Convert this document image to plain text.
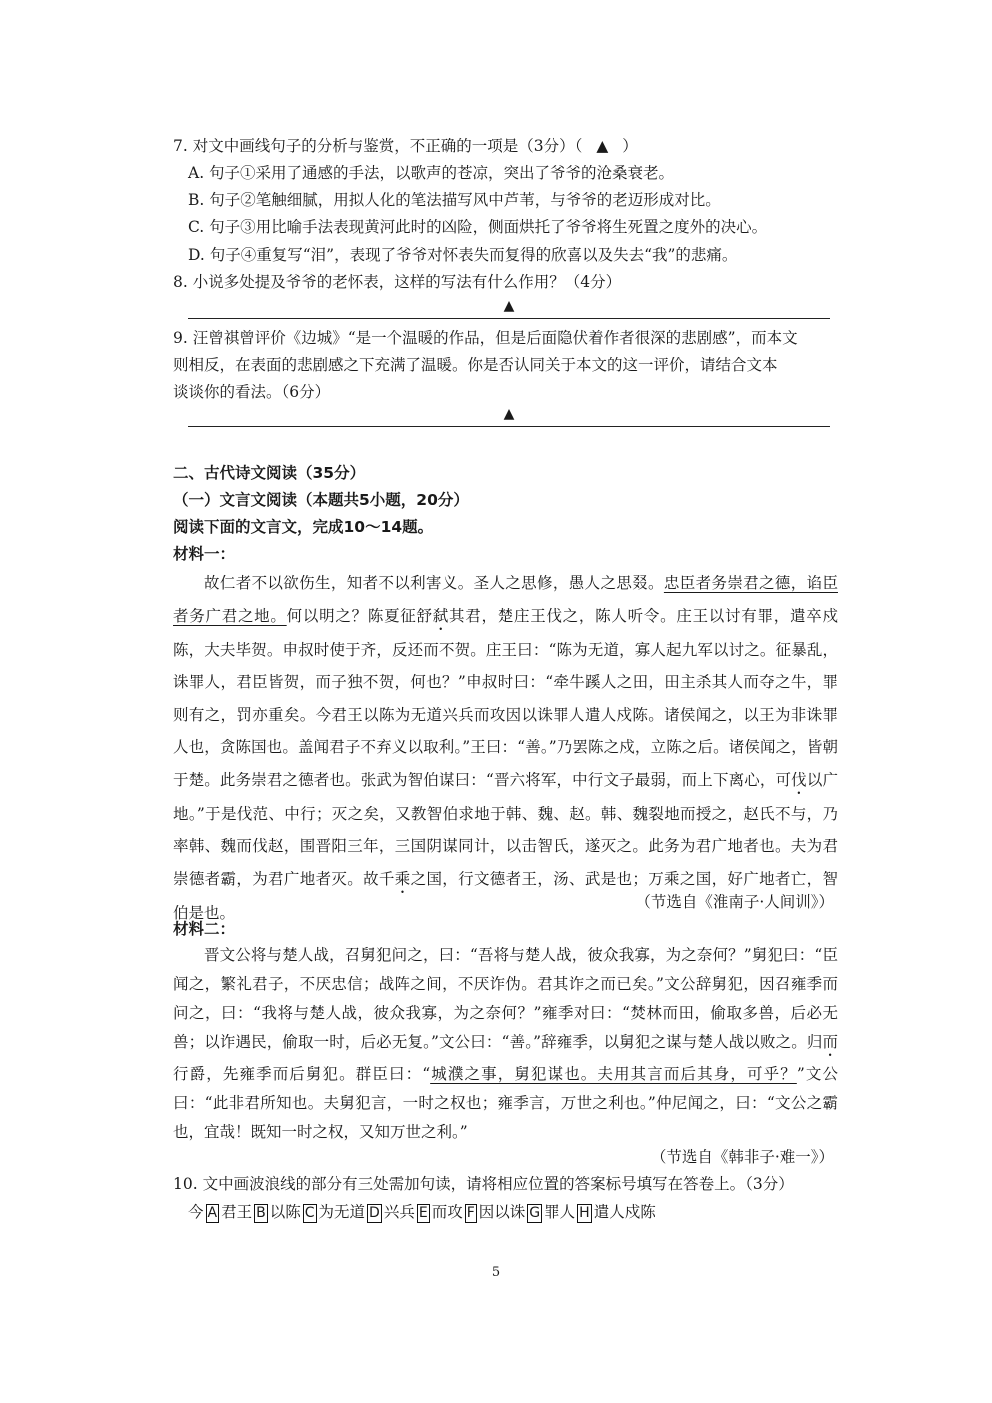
7. 对文中画线句子的分析与鉴赏，不正确的一项是（3分）（ ▲ ）
A. 句子①采用了通感的手法，以歌声的苍凉，突出了爷爷的沧桑衰老。
B. 句子②笔触细腻，用拟人化的笔法描写风中芦苇，与爷爷的老迈形成对比。
C. 句子③用比喻手法表现黄河此时的凶险，侧面烘托了爷爷将生死置之度外的决心。
D. 句子④重复写“泪”，表现了爷爷对怀表失而复得的欣喜以及失去“我”的悲痛。
8. 小说多处提及爷爷的老怀表，这样的写法有什么作用？（4分）
▲
9. 汪曾祺曾评价《边城》“是一个温暖的作品，但是后面隐伏着作者很深的悲剧感”，而本文
则相反，在表面的悲剧感之下充满了温暖。你是否认同关于本文的这一评价，请结合文本
谈谈你的看法。（6分）
▲
二、古代诗文阅读（35分）
（一）文言文阅读（本题共5小题，20分）
阅读下面的文言文，完成10～14题。
材料一：
故仁者不以欲伤生，知者不以利害义。圣人之思修，愚人之思叕。忠臣者务崇君之德，谄臣者务广君之地。何以明之？陈夏征舒弑其君，楚庄王伐之，陈人听令。庄王以讨有罪，遣卒戍陈，大夫毕贺。申叔时使于齐，反还而不贺。庄王曰：“陈为无道，寡人起九军以讨之。征暴乱，诛罪人，君臣皆贺，而子独不贺，何也？”申叔时曰：“牵牛蹊人之田，田主杀其人而夺之牛，罪则有之，罚亦重矣。今君王以陈为无道兴兵而攻因以诛罪人遣人戍陈。诸侯闻之，以王为非诛罪人也，贪陈国也。盖闻君子不弃义以取利。”王曰：“善。”乃罢陈之戍，立陈之后。诸侯闻之，皆朝于楚。此务崇君之德者也。张武为智伯谋曰：“晋六将军，中行文子最弱，而上下离心，可伐以广地。”于是伐范、中行；灭之矣，又教智伯求地于韩、魏、赵。韩、魏裂地而授之，赵氏不与，乃率韩、魏而伐赵，围晋阳三年，三国阴谋同计，以击智氏，遂灭之。此务为君广地者也。夫为君崇德者霸，为君广地者灭。故千乘之国，行文德者王，汤、武是也；万乘之国，好广地者亡，智伯是也。
（节选自《淮南子·人间训》）
材料二：
晋文公将与楚人战，召舅犯问之，曰：“吾将与楚人战，彼众我寡，为之奈何？”舅犯曰：“臣闻之，繁礼君子，不厌忠信；战阵之间，不厌诈伪。君其诈之而已矣。”文公辞舅犯，因召雍季而问之，曰：“我将与楚人战，彼众我寡，为之奈何？”雍季对曰：“焚林而田，偷取多兽，后必无兽；以诈遇民，偷取一时，后必无复。”文公曰：“善。”辞雍季，以舅犯之谋与楚人战以败之。归而行爵，先雍季而后舅犯。群臣曰：“城濮之事，舅犯谋也。夫用其言而后其身，可乎？”文公曰：“此非君所知也。夫舅犯言，一时之权也；雍季言，万世之利也。”仲尼闻之，曰：“文公之霸也，宜哉！既知一时之权，又知万世之利。”
（节选自《韩非子·难一》）
10. 文中画波浪线的部分有三处需加句读，请将相应位置的答案标号填写在答卷上。（3分）
今 A 君王 B 以陈 C 为无道 D 兴兵 E 而攻 F 因以诛 G 罪人 H 遣人戍陈
5
